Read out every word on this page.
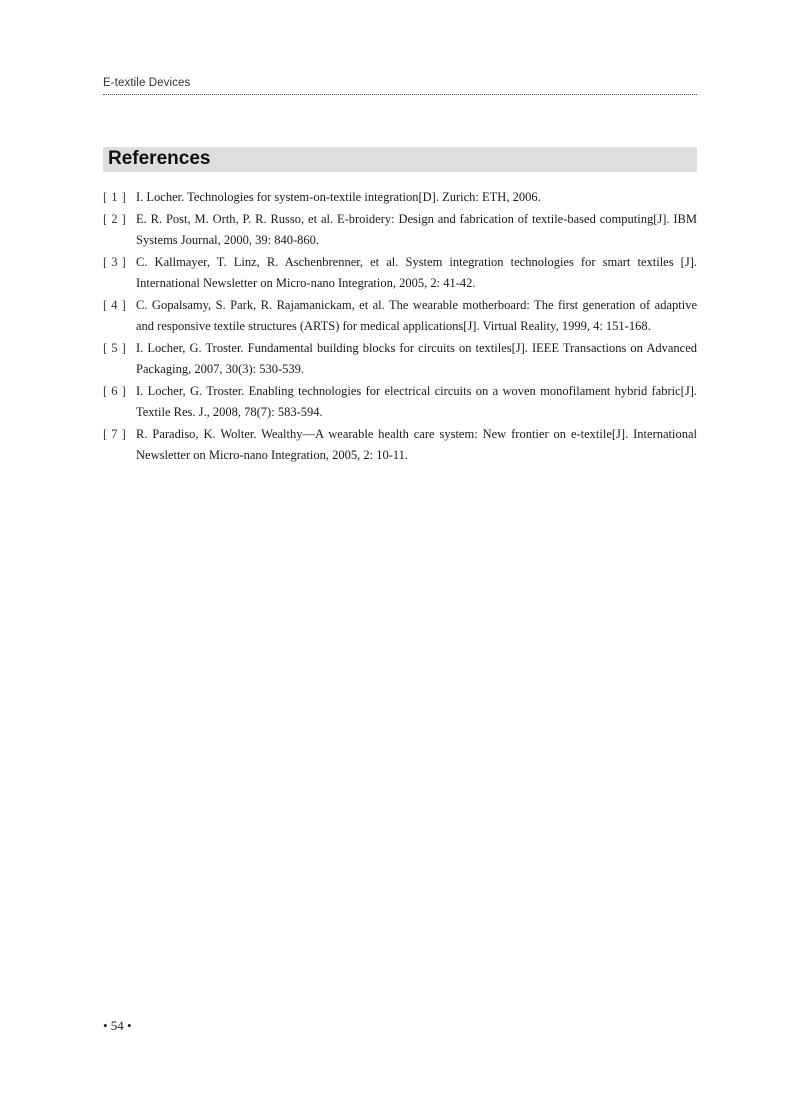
E-textile Devices
References
[ 1 ] I. Locher. Technologies for system-on-textile integration[D]. Zurich: ETH, 2006.
[ 2 ] E. R. Post, M. Orth, P. R. Russo, et al. E-broidery: Design and fabrication of textile-based computing[J]. IBM Systems Journal, 2000, 39: 840-860.
[ 3 ] C. Kallmayer, T. Linz, R. Aschenbrenner, et al. System integration technologies for smart textiles [J]. International Newsletter on Micro-nano Integration, 2005, 2: 41-42.
[ 4 ] C. Gopalsamy, S. Park, R. Rajamanickam, et al. The wearable motherboard: The first generation of adaptive and responsive textile structures (ARTS) for medical applications[J]. Virtual Reality, 1999, 4: 151-168.
[ 5 ] I. Locher, G. Troster. Fundamental building blocks for circuits on textiles[J]. IEEE Transactions on Advanced Packaging, 2007, 30(3): 530-539.
[ 6 ] I. Locher, G. Troster. Enabling technologies for electrical circuits on a woven monofilament hybrid fabric[J]. Textile Res. J., 2008, 78(7): 583-594.
[ 7 ] R. Paradiso, K. Wolter. Wealthy—A wearable health care system: New frontier on e-textile[J]. International Newsletter on Micro-nano Integration, 2005, 2: 10-11.
• 54 •
